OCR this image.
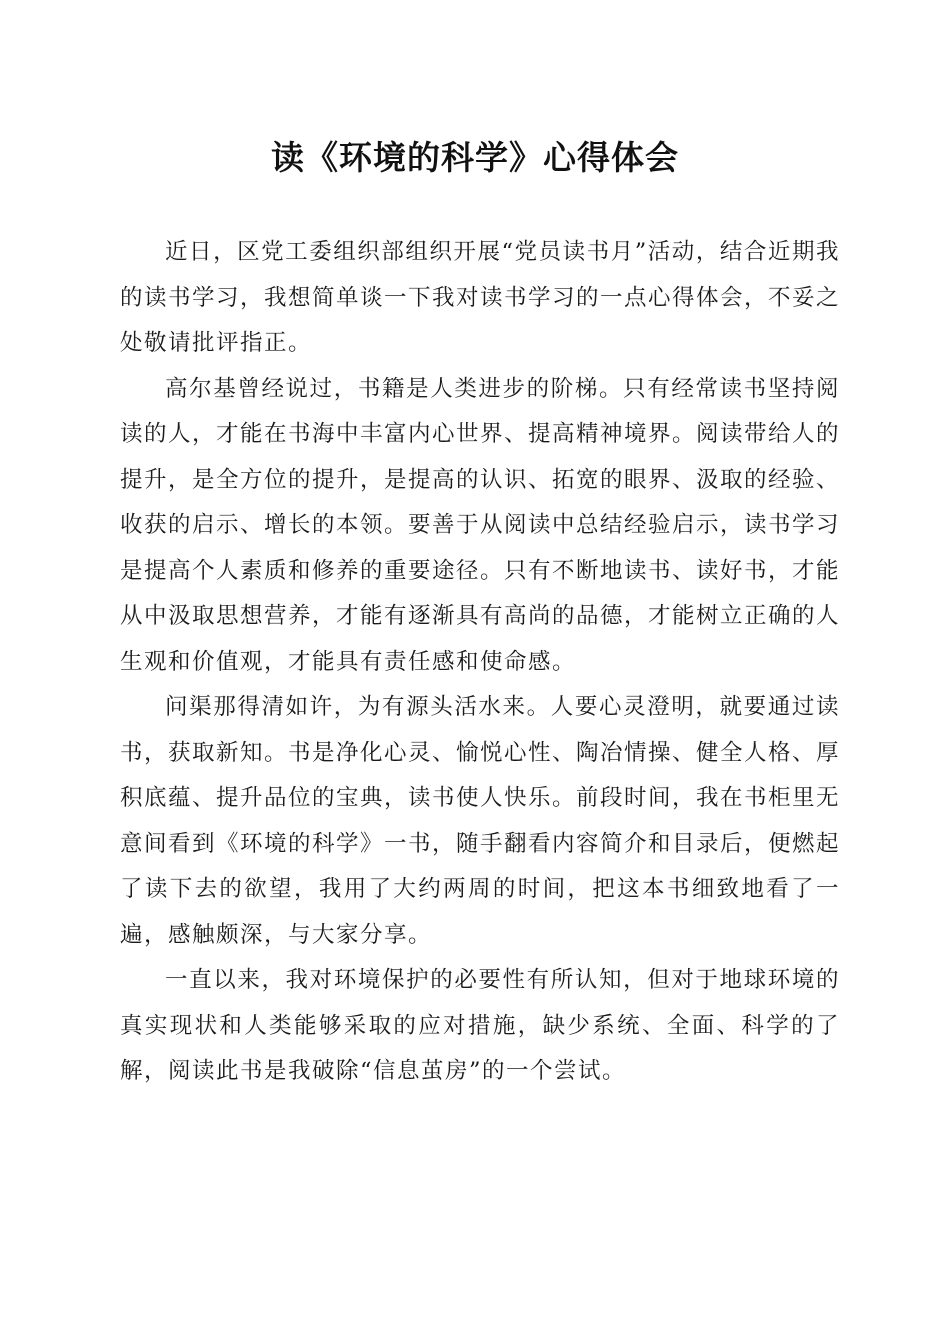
读《环境的科学》心得体会

近日，区党工委组织部组织开展“党员读书月”活动，结合近期我的读书学习，我想简单谈一下我对读书学习的一点心得体会，不妥之处敬请批评指正。

高尔基曾经说过，书籍是人类进步的阶梯。只有经常读书坚持阅读的人，才能在书海中丰富内心世界、提高精神境界。阅读带给人的提升，是全方位的提升，是提高的认识、拓宽的眼界、汲取的经验、收获的启示、增长的本领。要善于从阅读中总结经验启示，读书学习是提高个人素质和修养的重要途径。只有不断地读书、读好书，才能从中汲取思想营养，才能有逐渐具有高尚的品德，才能树立正确的人生观和价值观，才能具有责任感和使命感。

问渠那得清如许，为有源头活水来。人要心灵澄明，就要通过读书，获取新知。书是净化心灵、愉悦心性、陶冶情操、健全人格、厚积底蕴、提升品位的宝典，读书使人快乐。前段时间，我在书柜里无意间看到《环境的科学》一书，随手翻看内容简介和目录后，便燃起了读下去的欲望，我用了大约两周的时间，把这本书细致地看了一遍，感触颇深，与大家分享。

一直以来，我对环境保护的必要性有所认知，但对于地球环境的真实现状和人类能够采取的应对措施，缺少系统、全面、科学的了解，阅读此书是我破除“信息茧房”的一个尝试。
